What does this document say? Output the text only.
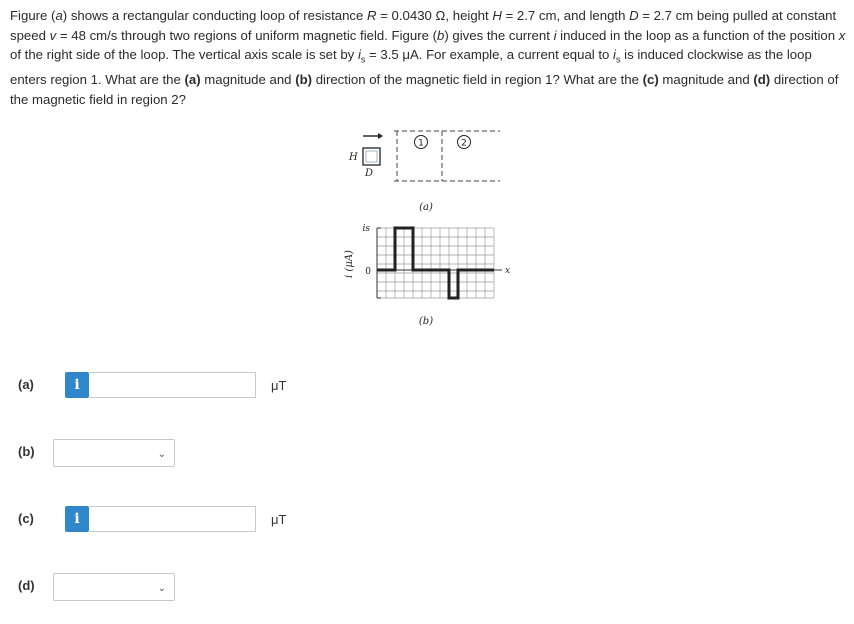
Figure (a) shows a rectangular conducting loop of resistance R = 0.0430 Ω, height H = 2.7 cm, and length D = 2.7 cm being pulled at constant speed v = 48 cm/s through two regions of uniform magnetic field. Figure (b) gives the current i induced in the loop as a function of the position x of the right side of the loop. The vertical axis scale is set by $i_s = 3.5$ μA. For example, a current equal to $i_s$ is induced clockwise as the loop enters region 1. What are the (a) magnitude and (b) direction of the magnetic field in region 1? What are the (c) magnitude and (d) direction of the magnetic field in region 2?
H
D
1	2
(a)
is
0	x
i (μA)
(b)
(a)	i	μT
(b)	⌄
(c)	i	μT
(d)	⌄
